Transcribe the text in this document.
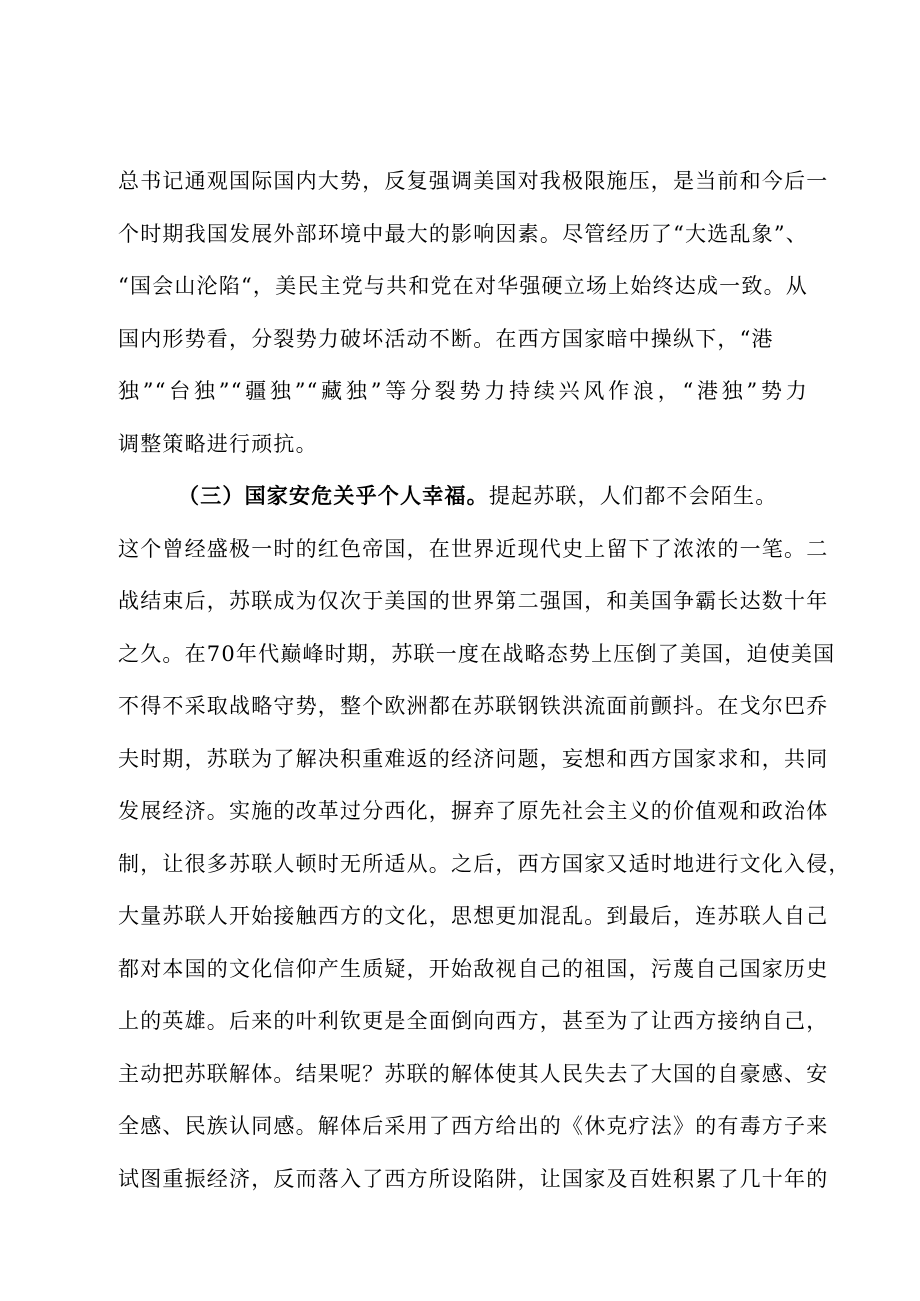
总书记通观国际国内大势，反复强调美国对我极限施压，是当前和今后一
个时期我国发展外部环境中最大的影响因素。尽管经历了“大选乱象”、
“国会山沦陷“，美民主党与共和党在对华强硬立场上始终达成一致。从
国内形势看，分裂势力破坏活动不断。在西方国家暗中操纵下，“港
独”“台独”“疆独”“藏独”等分裂势力持续兴风作浪，“港独”势力
调整策略进行顽抗。
（三）国家安危关乎个人幸福。提起苏联，人们都不会陌生。
这个曾经盛极一时的红色帝国，在世界近现代史上留下了浓浓的一笔。二
战结束后，苏联成为仅次于美国的世界第二强国，和美国争霸长达数十年
之久。在70年代巅峰时期，苏联一度在战略态势上压倒了美国，迫使美国
不得不采取战略守势，整个欧洲都在苏联钢铁洪流面前颤抖。在戈尔巴乔
夫时期，苏联为了解决积重难返的经济问题，妄想和西方国家求和，共同
发展经济。实施的改革过分西化，摒弃了原先社会主义的价值观和政治体
制，让很多苏联人顿时无所适从。之后，西方国家又适时地进行文化入侵，
大量苏联人开始接触西方的文化，思想更加混乱。到最后，连苏联人自己
都对本国的文化信仰产生质疑，开始敌视自己的祖国，污蔑自己国家历史
上的英雄。后来的叶利钦更是全面倒向西方，甚至为了让西方接纳自己，
主动把苏联解体。结果呢？苏联的解体使其人民失去了大国的自豪感、安
全感、民族认同感。解体后采用了西方给出的《休克疗法》的有毒方子来
试图重振经济，反而落入了西方所设陷阱，让国家及百姓积累了几十年的
